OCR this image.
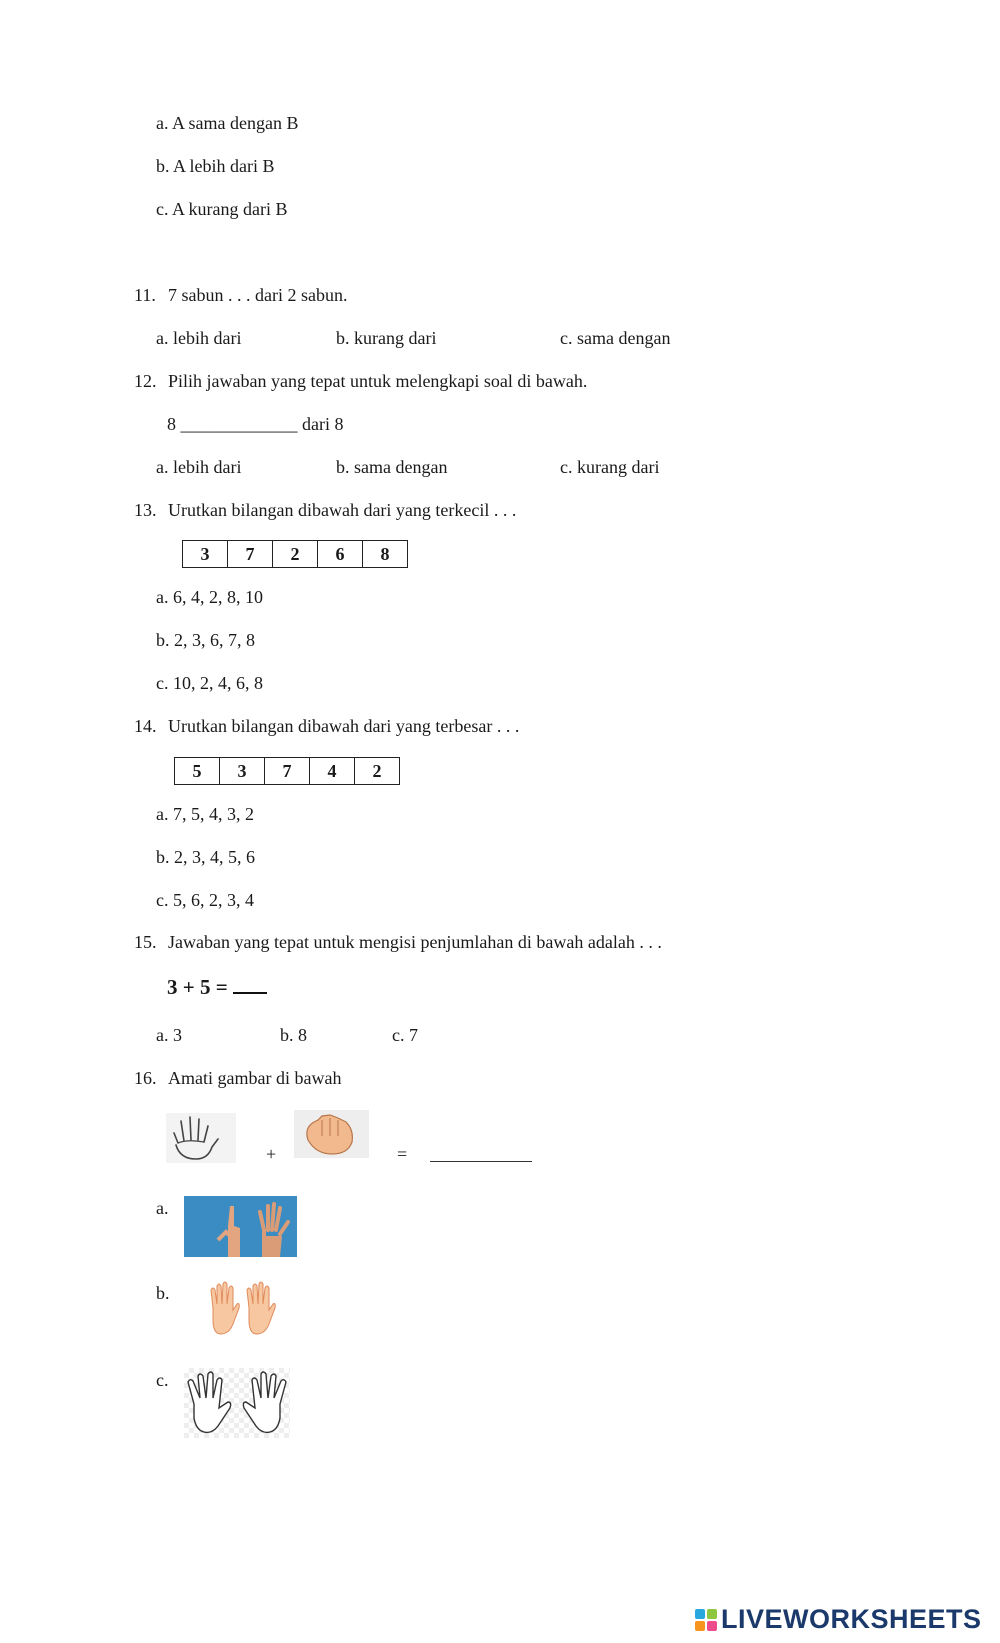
a. A sama dengan B
b. A lebih dari B
c. A kurang dari B
11. 7 sabun . . . dari 2 sabun.
a. lebih dari	b. kurang dari	c. sama dengan
12. Pilih jawaban yang tepat untuk melengkapi soal di bawah.
8 _____________ dari 8
a. lebih dari	b. sama dengan	c. kurang dari
13. Urutkan bilangan dibawah dari yang terkecil . . .
3	7	2	6	8
a. 6, 4, 2, 8, 10
b. 2, 3, 6, 7, 8
c. 10, 2, 4, 6, 8
14. Urutkan bilangan dibawah dari yang terbesar . . .
5	3	7	4	2
a. 7, 5, 4, 3, 2
b. 2, 3, 4, 5, 6
c. 5, 6, 2, 3, 4
15. Jawaban yang tepat untuk mengisi penjumlahan di bawah adalah . . .
3 + 5 =
a. 3	b. 8	c. 7
16. Amati gambar di bawah
+	=
a.
b.
c.
LIVEWORKSHEETS
